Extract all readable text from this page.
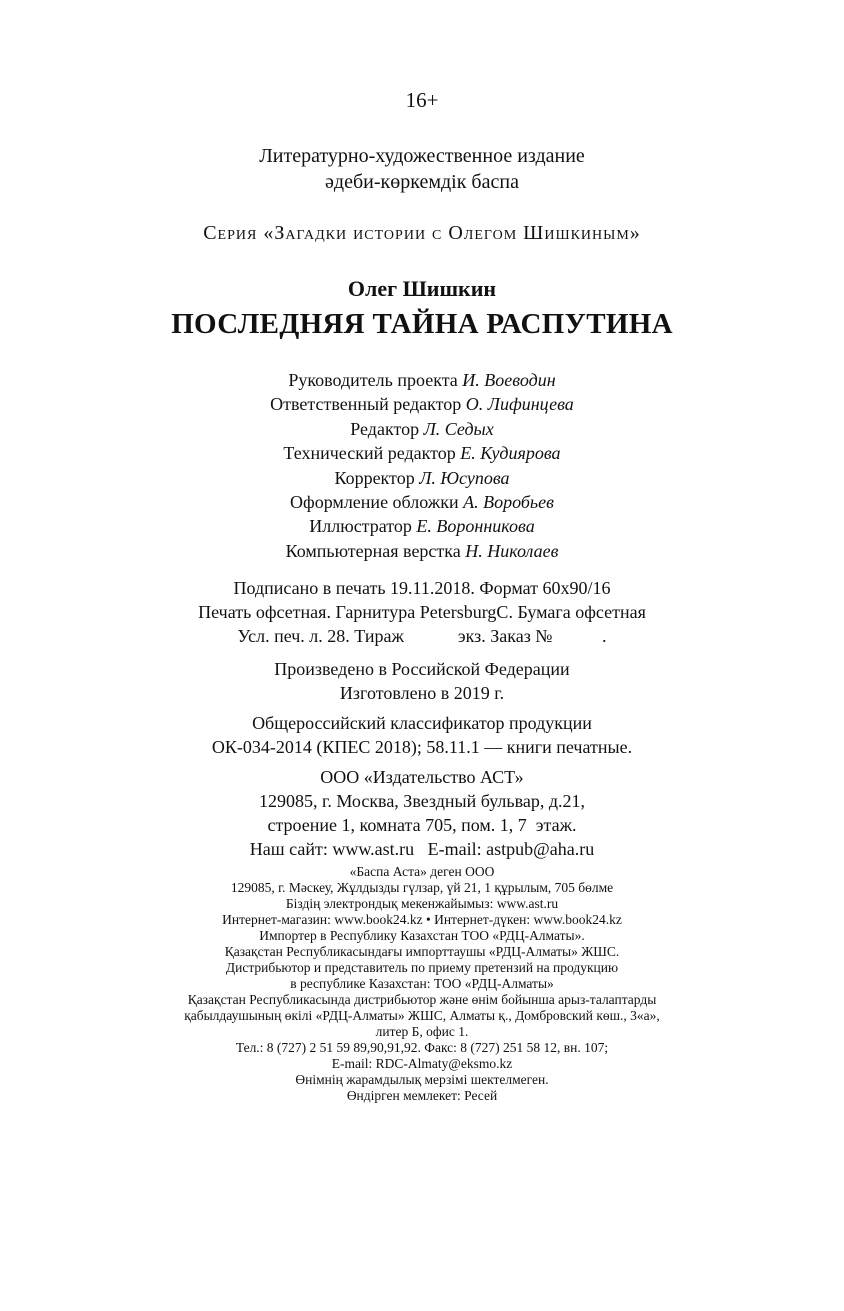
16+
Литературно-художественное издание
әдеби-көркемдік баспа
Серия «Загадки истории с Олегом Шишкиным»
Олег Шишкин
ПОСЛЕДНЯЯ ТАЙНА РАСПУТИНА
Руководитель проекта И. Воеводин
Ответственный редактор О. Лифинцева
Редактор Л. Седых
Технический редактор Е. Кудиярова
Корректор Л. Юсупова
Оформление обложки А. Воробьев
Иллюстратор Е. Воронникова
Компьютерная верстка Н. Николаев
Подписано в печать 19.11.2018. Формат 60x90/16
Печать офсетная. Гарнитура PetersburgC. Бумага офсетная
Усл. печ. л. 28. Тираж            экз. Заказ №           .
Произведено в Российской Федерации
Изготовлено в 2019 г.
Общероссийский классификатор продукции
ОК-034-2014 (КПЕС 2018); 58.11.1 — книги печатные.
ООО «Издательство АСТ»
129085, г. Москва, Звездный бульвар, д.21,
строение 1, комната 705, пом. 1, 7  этаж.
Наш сайт: www.ast.ru   E-mail: astpub@aha.ru
«Баспа Аста» деген ООО
129085, г. Мәскеу, Жұлдызды гүлзар, үй 21, 1 құрылым, 705 бөлме
Біздің электрондық мекенжайымыз: www.ast.ru
Интернет-магазин: www.book24.kz • Интернет-дүкен: www.book24.kz
Импортер в Республику Казахстан ТОО «РДЦ-Алматы».
Қазақстан Республикасындағы импорттаушы «РДЦ-Алматы» ЖШС.
Дистрибьютор и представитель по приему претензий на продукцию
в республике Казахстан: ТОО «РДЦ-Алматы»
Қазақстан Республикасында дистрибьютор және өнім бойынша арыз-талаптарды
қабылдаушының өкілі «РДЦ-Алматы» ЖШС, Алматы қ., Домбровский көш., 3«а»,
литер Б, офис 1.
Тел.: 8 (727) 2 51 59 89,90,91,92. Факс: 8 (727) 251 58 12, вн. 107;
E-mail: RDC-Almaty@eksmo.kz
Өнімнің жарамдылық мерзімі шектелмеген.
Өндірген мемлекет: Ресей
